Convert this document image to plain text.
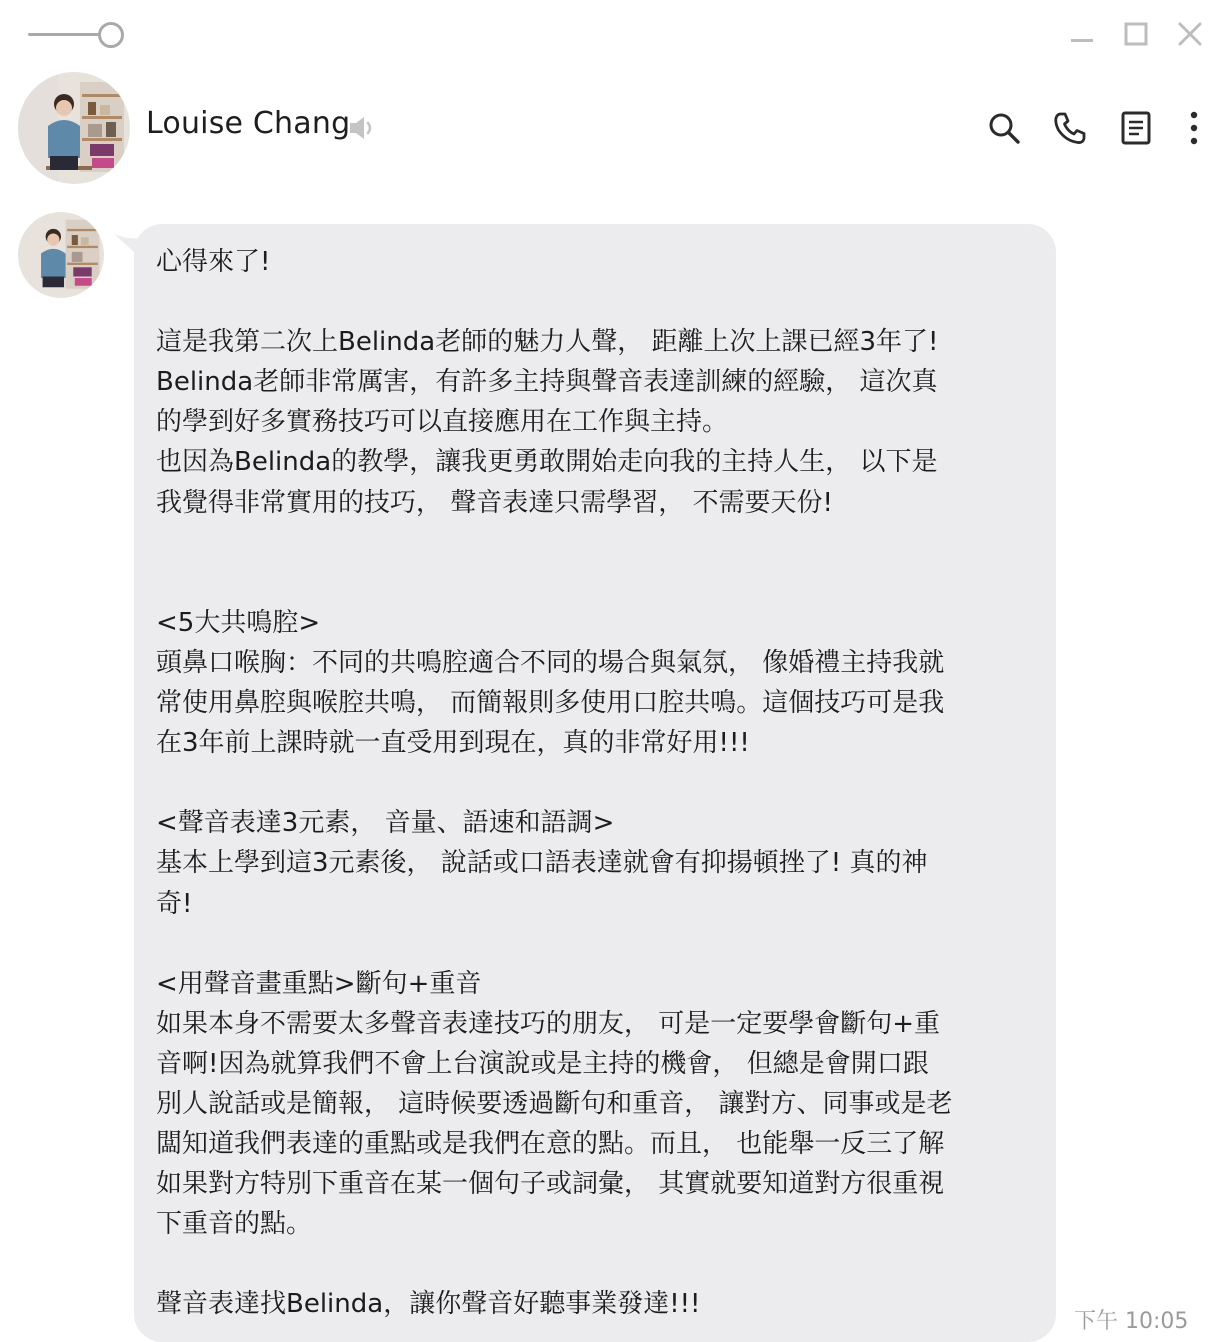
Louise Chang
心得來了!
這是我第二次上Belinda老師的魅力人聲， 距離上次上課已經3年了!
Belinda老師非常厲害，有許多主持與聲音表達訓練的經驗， 這次真
的學到好多實務技巧可以直接應用在工作與主持。
也因為Belinda的教學，讓我更勇敢開始走向我的主持人生， 以下是
我覺得非常實用的技巧， 聲音表達只需學習， 不需要天份!
<5大共鳴腔>
頭鼻口喉胸：不同的共鳴腔適合不同的場合與氣氛， 像婚禮主持我就
常使用鼻腔與喉腔共鳴， 而簡報則多使用口腔共鳴。這個技巧可是我
在3年前上課時就一直受用到現在，真的非常好用!!!
<聲音表達3元素， 音量、語速和語調>
基本上學到這3元素後， 說話或口語表達就會有抑揚頓挫了! 真的神
奇!
<用聲音畫重點>斷句+重音
如果本身不需要太多聲音表達技巧的朋友， 可是一定要學會斷句+重
音啊!因為就算我們不會上台演說或是主持的機會， 但總是會開口跟
別人說話或是簡報， 這時候要透過斷句和重音， 讓對方、同事或是老
闆知道我們表達的重點或是我們在意的點。而且， 也能舉一反三了解
如果對方特別下重音在某一個句子或詞彙， 其實就要知道對方很重視
下重音的點。
聲音表達找Belinda，讓你聲音好聽事業發達!!!
下午 10:05
